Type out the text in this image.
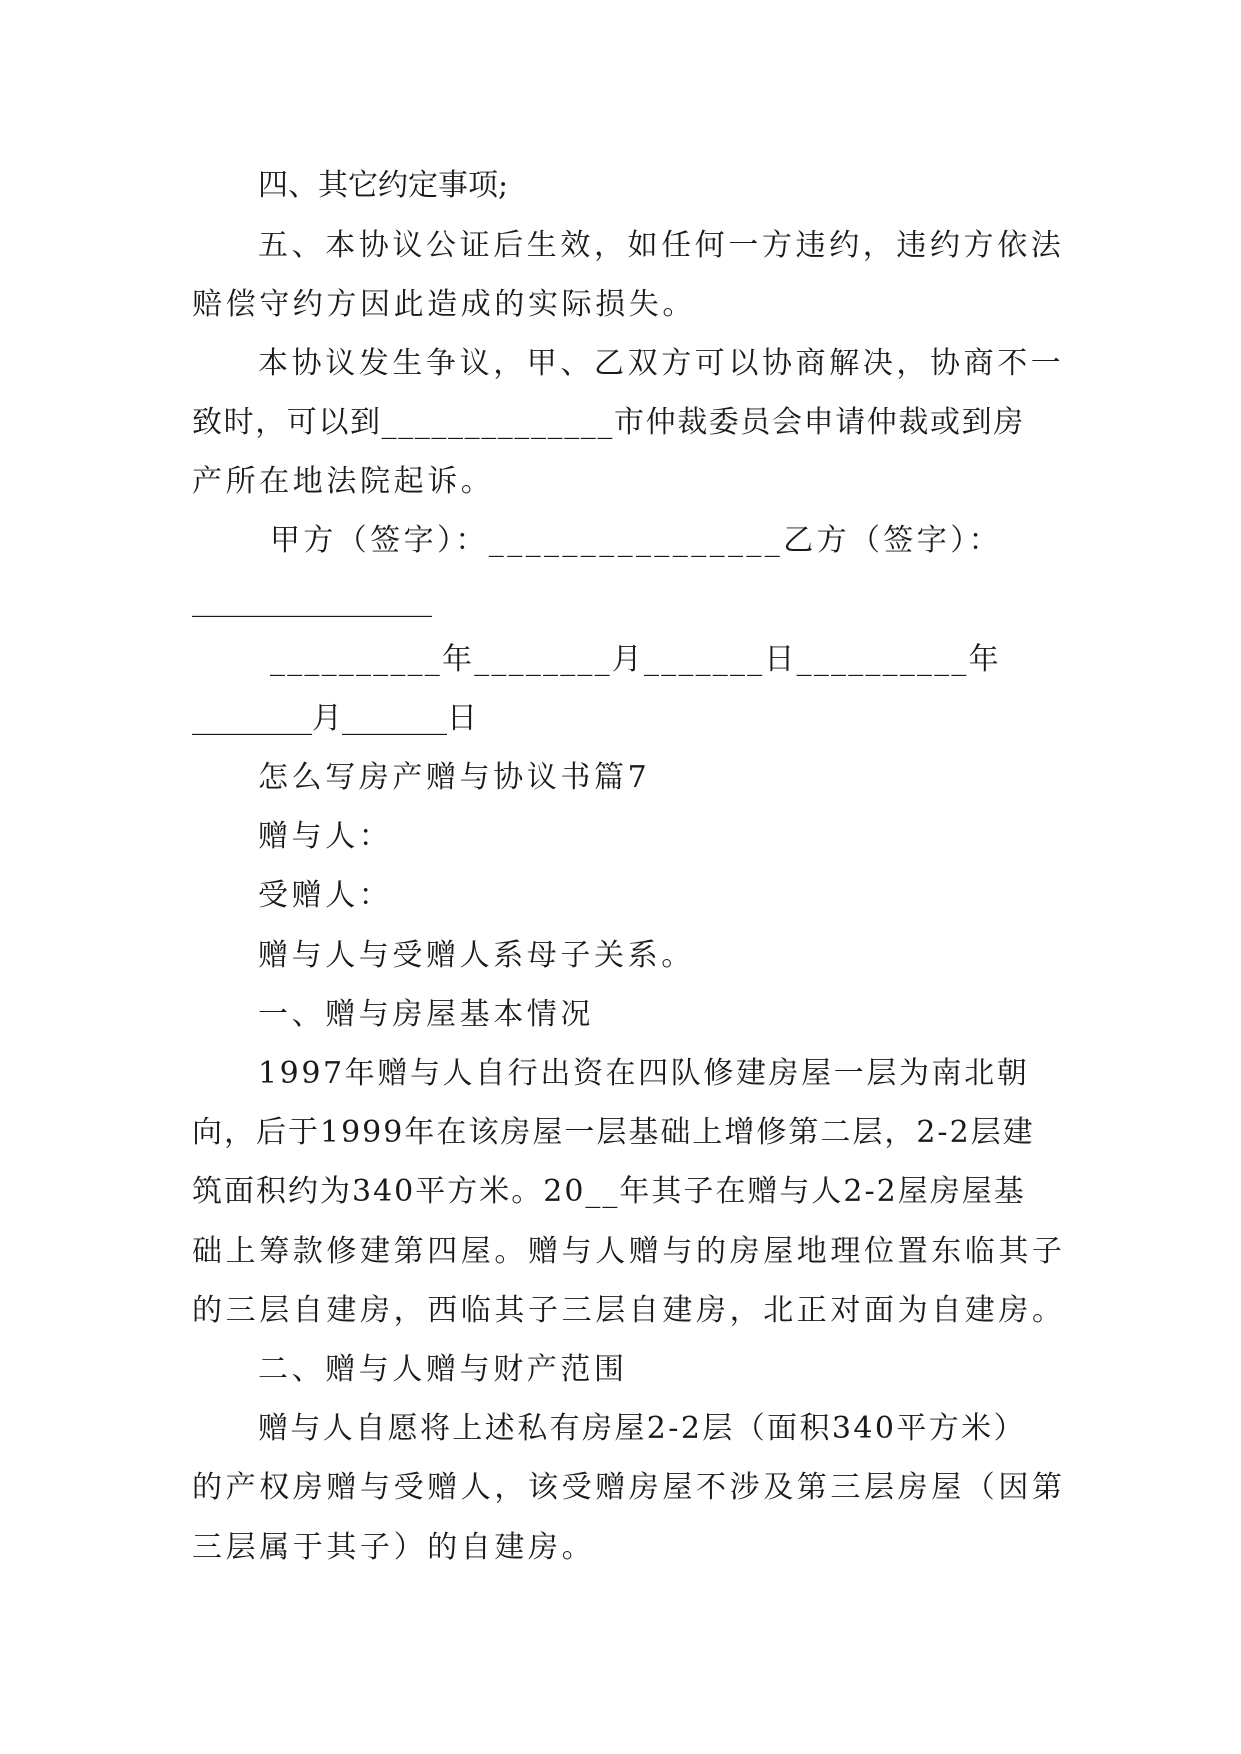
四、其它约定事项;
五、本协议公证后生效，如任何一方违约，违约方依法
赔偿守约方因此造成的实际损失。
本协议发生争议，甲、乙双方可以协商解决，协商不一
致时，可以到______________市仲裁委员会申请仲裁或到房
产所在地法院起诉。
甲方（签字）：________________乙方（签字）：
________________
__________年________月_______日__________年
________月_______日
怎么写房产赠与协议书篇7
赠与人：
受赠人：
赠与人与受赠人系母子关系。
一、赠与房屋基本情况
1997年赠与人自行出资在四队修建房屋一层为南北朝
向，后于1999年在该房屋一层基础上增修第二层，2-2层建
筑面积约为340平方米。20__年其子在赠与人2-2屋房屋基
础上筹款修建第四屋。赠与人赠与的房屋地理位置东临其子
的三层自建房，西临其子三层自建房，北正对面为自建房。
二、赠与人赠与财产范围
赠与人自愿将上述私有房屋2-2层（面积340平方米）
的产权房赠与受赠人，该受赠房屋不涉及第三层房屋（因第
三层属于其子）的自建房。
